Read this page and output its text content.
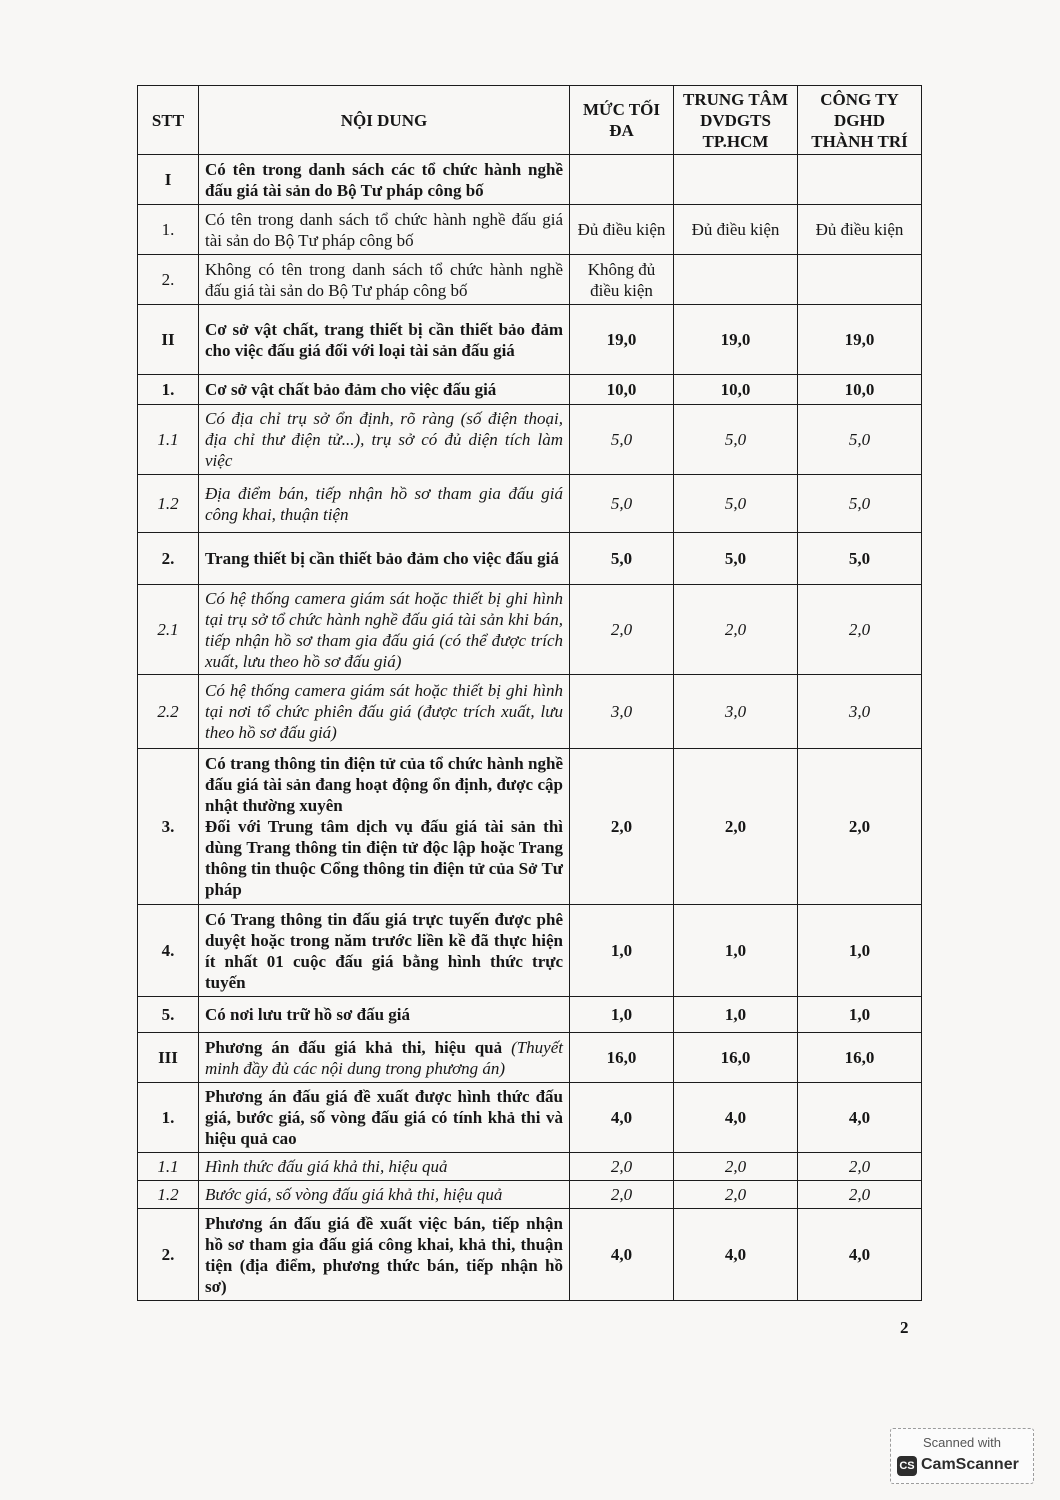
STT	NỘI DUNG	MỨC TỐI ĐA	TRUNG TÂM DVDGTS TP.HCM	CÔNG TY DGHD THÀNH TRÍ
I	Có tên trong danh sách các tổ chức hành nghề đấu giá tài sản do Bộ Tư pháp công bố			
1.	Có tên trong danh sách tổ chức hành nghề đấu giá tài sản do Bộ Tư pháp công bố	Đủ điều kiện	Đủ điều kiện	Đủ điều kiện
2.	Không có tên trong danh sách tổ chức hành nghề đấu giá tài sản do Bộ Tư pháp công bố	Không đủ điều kiện		
II	Cơ sở vật chất, trang thiết bị cần thiết bảo đảm cho việc đấu giá đối với loại tài sản đấu giá	19,0	19,0	19,0
1.	Cơ sở vật chất bảo đảm cho việc đấu giá	10,0	10,0	10,0
1.1	Có địa chỉ trụ sở ổn định, rõ ràng (số điện thoại, địa chỉ thư điện tử...), trụ sở có đủ diện tích làm việc	5,0	5,0	5,0
1.2	Địa điểm bán, tiếp nhận hồ sơ tham gia đấu giá công khai, thuận tiện	5,0	5,0	5,0
2.	Trang thiết bị cần thiết bảo đảm cho việc đấu giá	5,0	5,0	5,0
2.1	Có hệ thống camera giám sát hoặc thiết bị ghi hình tại trụ sở tổ chức hành nghề đấu giá tài sản khi bán, tiếp nhận hồ sơ tham gia đấu giá (có thể được trích xuất, lưu theo hồ sơ đấu giá)	2,0	2,0	2,0
2.2	Có hệ thống camera giám sát hoặc thiết bị ghi hình tại nơi tổ chức phiên đấu giá (được trích xuất, lưu theo hồ sơ đấu giá)	3,0	3,0	3,0
3.	Có trang thông tin điện tử của tổ chức hành nghề đấu giá tài sản đang hoạt động ổn định, được cập nhật thường xuyên
Đối với Trung tâm dịch vụ đấu giá tài sản thì dùng Trang thông tin điện tử độc lập hoặc Trang thông tin thuộc Cổng thông tin điện tử của Sở Tư pháp	2,0	2,0	2,0
4.	Có Trang thông tin đấu giá trực tuyến được phê duyệt hoặc trong năm trước liền kề đã thực hiện ít nhất 01 cuộc đấu giá bằng hình thức trực tuyến	1,0	1,0	1,0
5.	Có nơi lưu trữ hồ sơ đấu giá	1,0	1,0	1,0
III	Phương án đấu giá khả thi, hiệu quả (Thuyết minh đầy đủ các nội dung trong phương án)	16,0	16,0	16,0
1.	Phương án đấu giá đề xuất được hình thức đấu giá, bước giá, số vòng đấu giá có tính khả thi và hiệu quả cao	4,0	4,0	4,0
1.1	Hình thức đấu giá khả thi, hiệu quả	2,0	2,0	2,0
1.2	Bước giá, số vòng đấu giá khả thi, hiệu quả	2,0	2,0	2,0
2.	Phương án đấu giá đề xuất việc bán, tiếp nhận hồ sơ tham gia đấu giá công khai, khả thi, thuận tiện (địa điểm, phương thức bán, tiếp nhận hồ sơ)	4,0	4,0	4,0
2
Scanned with
CS CamScanner
